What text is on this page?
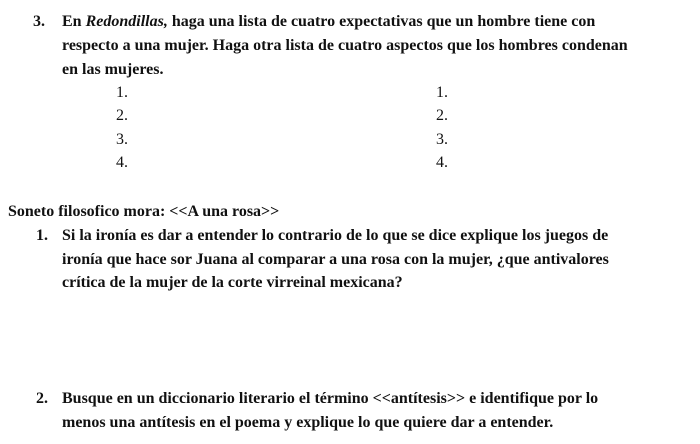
3. En Redondillas, haga una lista de cuatro expectativas que un hombre tiene con
respecto a una mujer. Haga otra lista de cuatro aspectos que los hombres condenan
en las mujeres.
1.
2.
3.
4.
1.
2.
3.
4.
Soneto filosofico mora: <<A una rosa>>
1. Si la ironía es dar a entender lo contrario de lo que se dice explique los juegos de
ironía que hace sor Juana al comparar a una rosa con la mujer, ¿que antivalores
crítica de la mujer de la corte virreinal mexicana?
2. Busque en un diccionario literario el término <<antítesis>> e identifique por lo
menos una antítesis en el poema y explique lo que quiere dar a entender.
